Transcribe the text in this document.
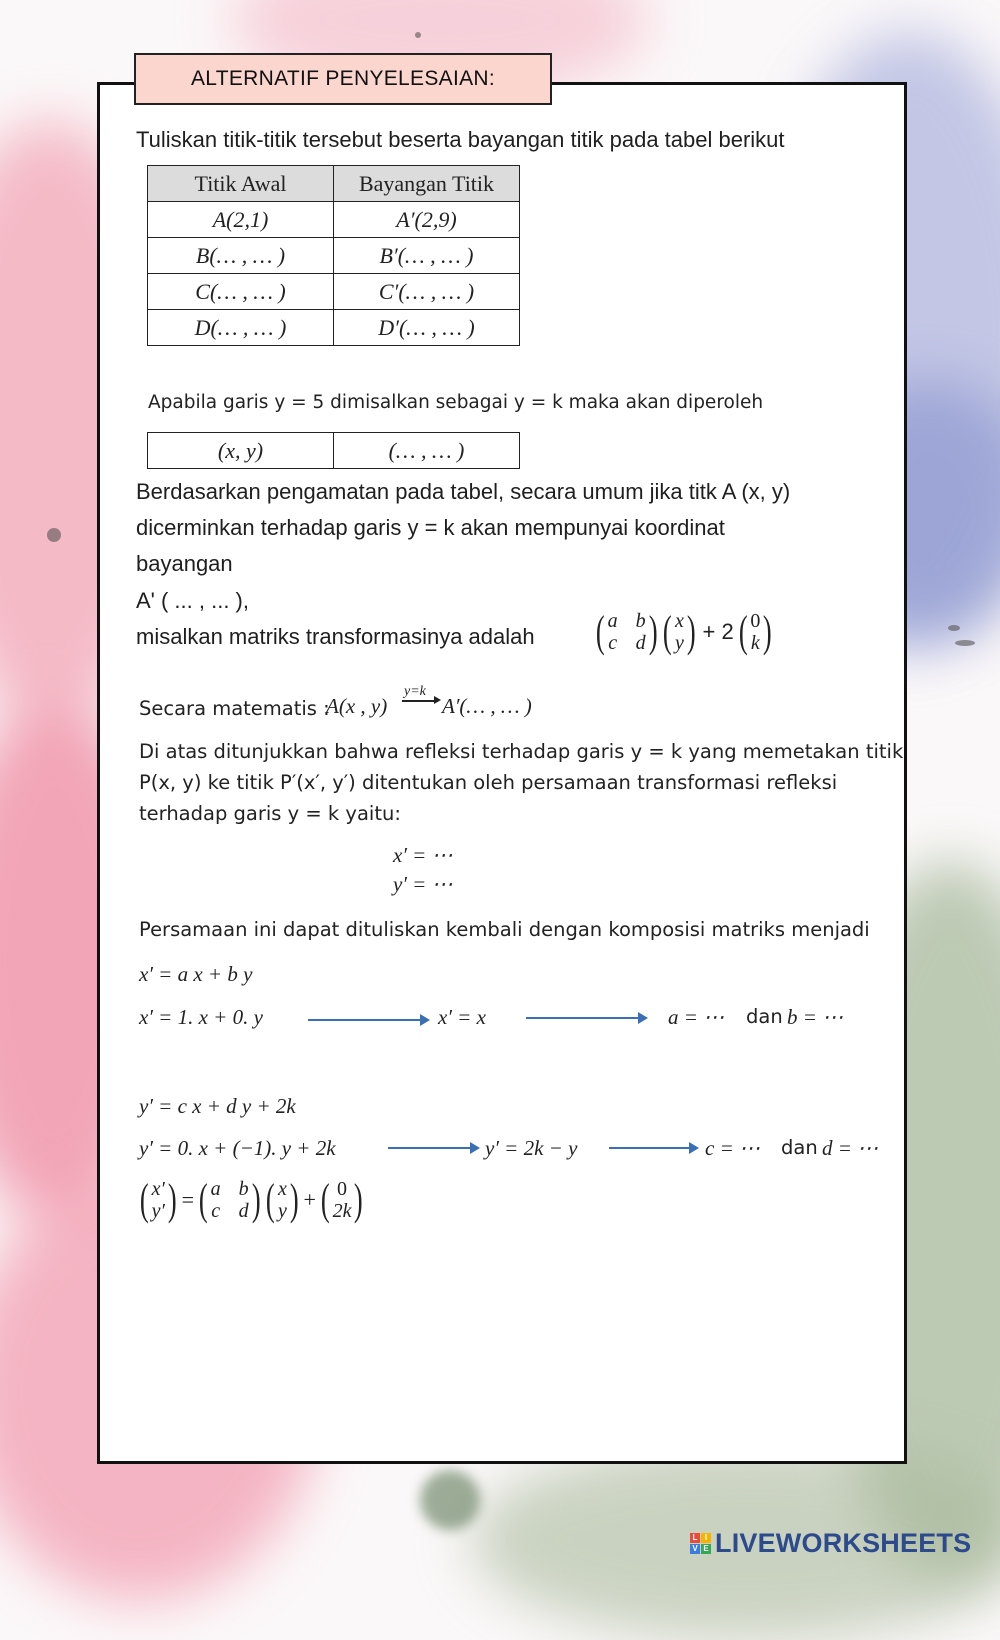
ALTERNATIF PENYELESAIAN:
Tuliskan titik-titik tersebut beserta bayangan titik pada tabel berikut
Titik Awal	Bayangan Titik
A(2,1)	A′(2,9)
B(… , … )	B′(… , … )
C(… , … )	C′(… , … )
D(… , … )	D′(… , … )
Apabila garis y = 5 dimisalkan sebagai y = k maka akan diperoleh
(x, y)	(… , … )
Berdasarkan pengamatan pada tabel, secara umum jika titk A (x, y)
dicerminkan terhadap garis y = k akan mempunyai koordinat
bayangan
A' ( ... , ... ),
misalkan matriks transformasinya adalah ( a b
c d ) ( x
y ) + 2 ( 0
k )
Secara matematis :
A(x , y)
y=k
A′(… , … )
Di atas ditunjukkan bahwa refleksi terhadap garis y = k yang memetakan titik
P(x, y) ke titik P′(x′, y′) ditentukan oleh persamaan transformasi refleksi
terhadap garis y = k yaitu:
x′ = ⋯
y′ = ⋯
Persamaan ini dapat dituliskan kembali dengan komposisi matriks menjadi
x′ = a x + b y
x′ = 1. x + 0. y	x′ = x	a = ⋯ dan b = ⋯
y′ = c x + d y + 2k
y′ = 0. x + (−1). y + 2k	y′ = 2k − y	c = ⋯ dan d = ⋯
( x′
y′ ) = ( a b
c d ) ( x
y ) + ( 0
2k )
L I
V E LIVEWORKSHEETS
